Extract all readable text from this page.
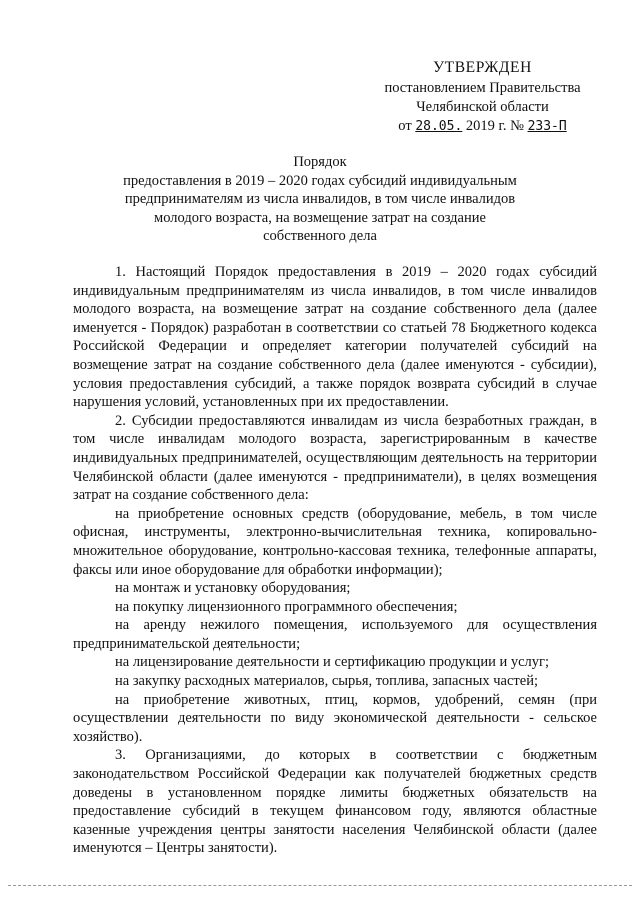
УТВЕРЖДЕН
постановлением Правительства
Челябинской области
от 28.05. 2019 г. № 233-П
Порядок
предоставления в 2019 – 2020 годах субсидий индивидуальным
предпринимателям из числа инвалидов, в том числе инвалидов
молодого возраста, на возмещение затрат на создание
собственного дела

1. Настоящий Порядок предоставления в 2019 – 2020 годах субсидий индивидуальным предпринимателям из числа инвалидов, в том числе инвалидов молодого возраста, на возмещение затрат на создание собственного дела (далее именуется - Порядок) разработан в соответствии со статьей 78 Бюджетного кодекса Российской Федерации и определяет категории получателей субсидий на возмещение затрат на создание собственного дела (далее именуются - субсидии), условия предоставления субсидий, а также порядок возврата субсидий в случае нарушения условий, установленных при их предоставлении.

2. Субсидии предоставляются инвалидам из числа безработных граждан, в том числе инвалидам молодого возраста, зарегистрированным в качестве индивидуальных предпринимателей, осуществляющим деятельность на территории Челябинской области (далее именуются - предприниматели), в целях возмещения затрат на создание собственного дела:

на приобретение основных средств (оборудование, мебель, в том числе офисная, инструменты, электронно-вычислительная техника, копировально-множительное оборудование, контрольно-кассовая техника, телефонные аппараты, факсы или иное оборудование для обработки информации);

на монтаж и установку оборудования;

на покупку лицензионного программного обеспечения;

на аренду нежилого помещения, используемого для осуществления предпринимательской деятельности;

на лицензирование деятельности и сертификацию продукции и услуг;

на закупку расходных материалов, сырья, топлива, запасных частей;

на приобретение животных, птиц, кормов, удобрений, семян (при осуществлении деятельности по виду экономической деятельности - сельское хозяйство).

3. Организациями, до которых в соответствии с бюджетным законодательством Российской Федерации как получателей бюджетных средств доведены в установленном порядке лимиты бюджетных обязательств на предоставление субсидий в текущем финансовом году, являются областные казенные учреждения центры занятости населения Челябинской области (далее именуются – Центры занятости).
